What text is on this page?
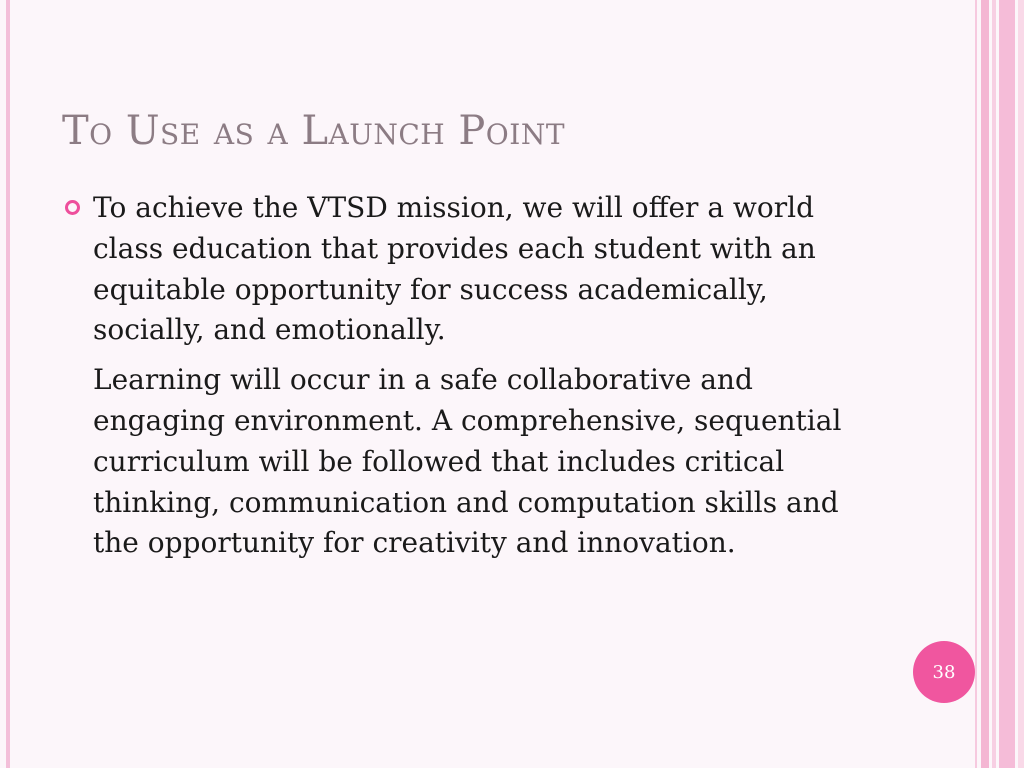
To Use as a Launch Point

To achieve the VTSD mission, we will offer a world class education that provides each student with an equitable opportunity for success academically, socially, and emotionally.

Learning will occur in a safe collaborative and engaging environment. A comprehensive, sequential curriculum will be followed that includes critical thinking, communication and computation skills and the opportunity for creativity and innovation.

38
